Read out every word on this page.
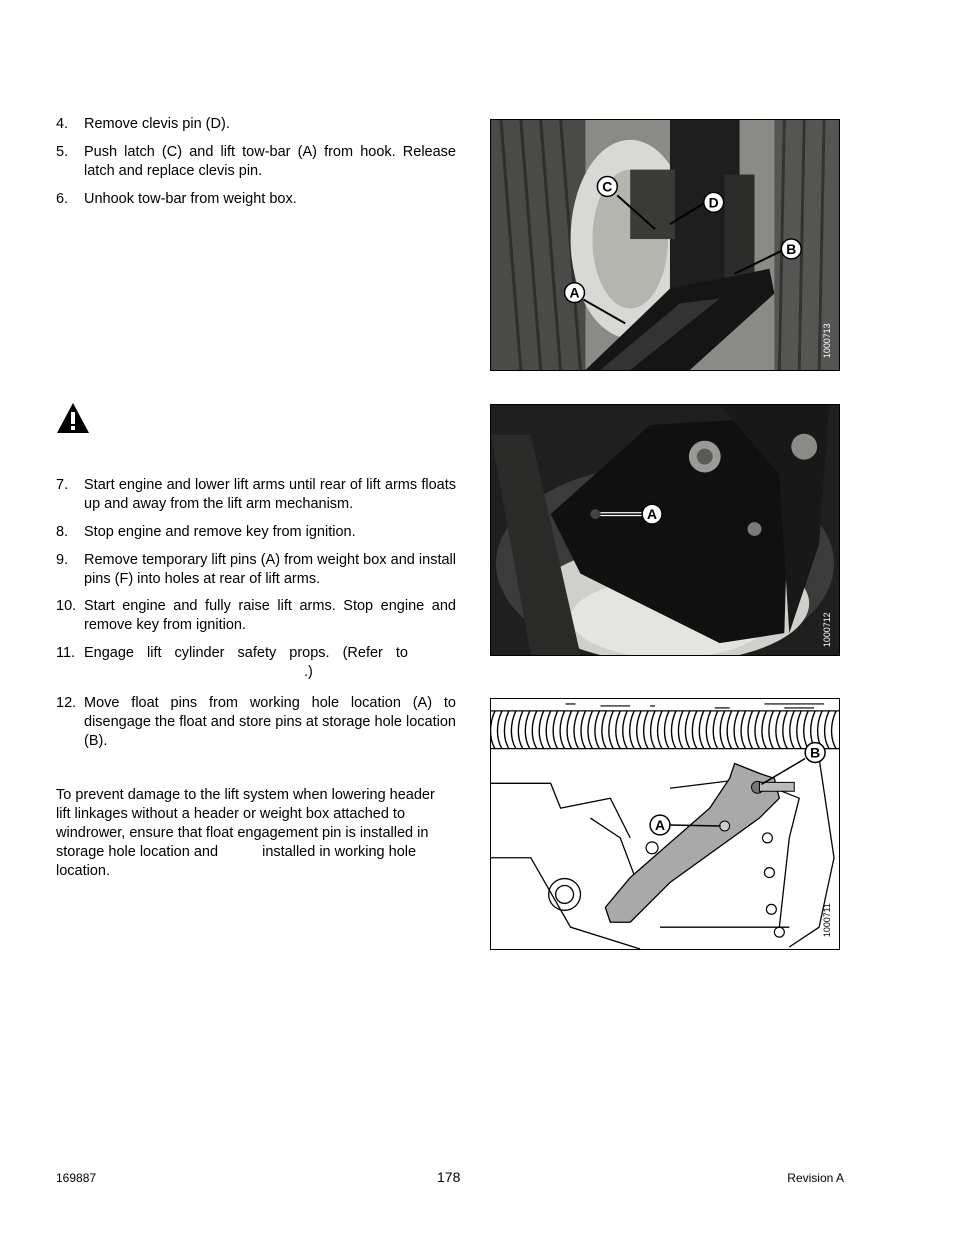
4.	Remove clevis pin (D).
5.	Push latch (C) and lift tow-bar (A) from hook. Release latch and replace clevis pin.
6.	Unhook tow-bar from weight box.
7.	Start engine and lower lift arms until rear of lift arms floats up and away from the lift arm mechanism.
8.	Stop engine and remove key from ignition.
9.	Remove temporary lift pins (A) from weight box and install pins (F) into holes at rear of lift arms.
10. Start engine and fully raise lift arms. Stop engine and remove key from ignition.
11. Engage lift cylinder safety props. (Refer to
.)
12. Move float pins from working hole location (A) to disengage the float and store pins at storage hole location (B).
To prevent damage to the lift system when lowering header lift linkages without a header or weight box attached to windrower, ensure that float engagement pin is installed in storage hole location and	installed in working hole location.
C
D
B
A
1000713
A
1000712
B
A
1000711
169887	178	Revision A
